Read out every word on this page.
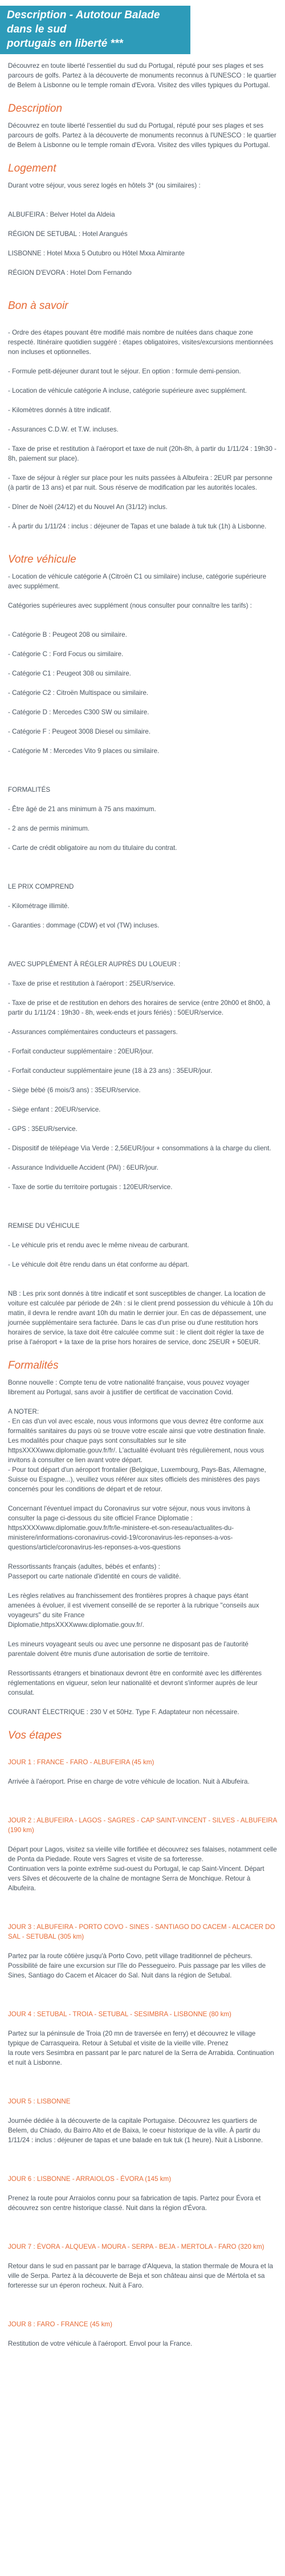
Description - Autotour Balade dans le sud
portugais en liberté ***
Découvrez en toute liberté l'essentiel du sud du Portugal, réputé pour ses plages et ses parcours de golfs. Partez à la découverte de monuments reconnus à l'UNESCO : le quartier de Belem à Lisbonne ou le temple romain d'Evora. Visitez des villes typiques du Portugal.
Description
Découvrez en toute liberté l'essentiel du sud du Portugal, réputé pour ses plages et ses parcours de golfs. Partez à la découverte de monuments reconnus à l'UNESCO : le quartier de Belem à Lisbonne ou le temple romain d'Evora. Visitez des villes typiques du Portugal.
Logement
Durant votre séjour, vous serez logés en hôtels 3* (ou similaires) :

ALBUFEIRA : Belver Hotel da Aldeia

RÉGION DE SETUBAL : Hotel Arangués

LISBONNE : Hotel Mxxa 5 Outubro ou Hôtel Mxxa Almirante

RÉGION D'EVORA : Hotel Dom Fernando

Bon à savoir

- Ordre des étapes pouvant être modifié mais nombre de nuitées dans chaque zone respecté. Itinéraire quotidien suggéré : étapes obligatoires, visites/excursions mentionnées non incluses et optionnelles.

- Formule petit-déjeuner durant tout le séjour. En option : formule demi-pension.

- Location de véhicule catégorie A incluse, catégorie supérieure avec supplément.

- Kilomètres donnés à titre indicatif.

- Assurances C.D.W. et T.W. incluses.

- Taxe de prise et restitution à l'aéroport et taxe de nuit (20h-8h, à partir du 1/11/24 : 19h30 - 8h, paiement sur place).

- Taxe de séjour à régler sur place pour les nuits passées à Albufeira : 2EUR par personne (à partir de 13 ans) et par nuit. Sous réserve de modification par les autorités locales.

- Dîner de Noël (24/12) et du Nouvel An (31/12) inclus.

- À partir du 1/11/24 : inclus : déjeuner de Tapas et une balade à tuk tuk (1h) à Lisbonne.

Votre véhicule
- Location de véhicule catégorie A (Citroën C1 ou similaire) incluse, catégorie supérieure avec supplément.
Catégories supérieures avec supplément (nous consulter pour connaître les tarifs) :

- Catégorie B : Peugeot 208 ou similaire.

- Catégorie C : Ford Focus ou similaire.

- Catégorie C1 : Peugeot 308 ou similaire.

- Catégorie C2 : Citroën Multispace ou similaire.

- Catégorie D : Mercedes C300 SW ou similaire.

- Catégorie F : Peugeot 3008 Diesel ou similaire.

- Catégorie M : Mercedes Vito 9 places ou similaire.

FORMALITÉS

- Être âgé de 21 ans minimum à 75 ans maximum.

- 2 ans de permis minimum.

- Carte de crédit obligatoire au nom du titulaire du contrat.

LE PRIX COMPREND

- Kilométrage illimité.

- Garanties : dommage (CDW) et vol (TW) incluses.

AVEC SUPPLÉMENT À RÉGLER AUPRÈS DU LOUEUR :

- Taxe de prise et restitution à l'aéroport : 25EUR/service.

- Taxe de prise et de restitution en dehors des horaires de service (entre 20h00 et 8h00, à partir du 1/11/24 : 19h30 - 8h, week-ends et jours fériés) : 50EUR/service.

- Assurances complémentaires conducteurs et passagers.

- Forfait conducteur supplémentaire : 20EUR/jour.

- Forfait conducteur supplémentaire jeune (18 à 23 ans) : 35EUR/jour.

- Siège bébé (6 mois/3 ans) : 35EUR/service.

- Siège enfant : 20EUR/service.

- GPS : 35EUR/service.

- Dispositif de télépéage Via Verde : 2,56EUR/jour + consommations à la charge du client.

- Assurance Individuelle Accident (PAI) : 6EUR/jour.

- Taxe de sortie du territoire portugais : 120EUR/service.

REMISE DU VÉHICULE

- Le véhicule pris et rendu avec le même niveau de carburant.

- Le véhicule doit être rendu dans un état conforme au départ.

NB : Les prix sont donnés à titre indicatif et sont susceptibles de changer. La location de voiture est calculée par période de 24h : si le client prend possession du véhicule à 10h du matin, il devra le rendre avant 10h du matin le dernier jour. En cas de dépassement, une journée supplémentaire sera facturée. Dans le cas d'un prise ou d'une restitution hors horaires de service, la taxe doit être calculée comme suit : le client doit régler la taxe de prise à l'aéroport + la taxe de la prise hors horaires de service, donc 25EUR + 50EUR.
Formalités
Bonne nouvelle : Compte tenu de votre nationalité française, vous pouvez voyager librement au Portugal, sans avoir à justifier de certificat de vaccination Covid.
A NOTER:
- En cas d'un vol avec escale, nous vous informons que vous devrez être conforme aux formalités sanitaires du pays où se trouve votre escale ainsi que votre destination finale.
Les modalités pour chaque pays sont consultables sur le site
httpsXXXXwww.diplomatie.gouv.fr/fr/. L'actualité évoluant très régulièrement, nous vous invitons à consulter ce lien avant votre départ.
- Pour tout départ d'un aéroport frontalier (Belgique, Luxembourg, Pays-Bas, Allemagne, Suisse ou Espagne...), veuillez vous référer aux sites officiels des ministères des pays concernés pour les conditions de départ et de retour.
Concernant l'éventuel impact du Coronavirus sur votre séjour, nous vous invitons à consulter la page ci-dessous du site officiel France Diplomatie : httpsXXXXwww.diplomatie.gouv.fr/fr/le-ministere-et-son-reseau/actualites-du-ministere/informations-coronavirus-covid-19/coronavirus-les-reponses-a-vos-questions/article/coronavirus-les-reponses-a-vos-questions
Ressortissants français (adultes, bébés et enfants) :
Passeport ou carte nationale d'identité en cours de validité.
Les règles relatives au franchissement des frontières propres à chaque pays étant amenées à évoluer, il est vivement conseillé de se reporter à la rubrique "conseils aux voyageurs" du site France
Diplomatie,httpsXXXXwww.diplomatie.gouv.fr/.
Les mineurs voyageant seuls ou avec une personne ne disposant pas de l'autorité parentale doivent être munis d'une autorisation de sortie de territoire.
Ressortissants étrangers et binationaux devront être en conformité avec les différentes réglementations en vigueur, selon leur nationalité et devront s'informer auprès de leur consulat.
COURANT ÉLECTRIQUE : 230 V et 50Hz. Type F. Adaptateur non nécessaire.
Vos étapes

JOUR 1 : FRANCE - FARO - ALBUFEIRA (45 km)

Arrivée à l'aéroport. Prise en charge de votre véhicule de location. Nuit à Albufeira.

JOUR 2 : ALBUFEIRA - LAGOS - SAGRES - CAP SAINT-VINCENT - SILVES - ALBUFEIRA (190 km)

Départ pour Lagos, visitez sa vieille ville fortifiée et découvrez ses falaises, notamment celle de Ponta da Piedade. Route vers Sagres et visite de sa forteresse.
Continuation vers la pointe extrême sud-ouest du Portugal, le cap Saint-Vincent. Départ vers Silves et découverte de la chaîne de montagne Serra de Monchique. Retour à Albufeira.

JOUR 3 : ALBUFEIRA - PORTO COVO - SINES - SANTIAGO DO CACEM - ALCACER DO SAL - SETUBAL (305 km)

Partez par la route côtière jusqu'à Porto Covo, petit village traditionnel de pêcheurs. Possibilité de faire une excursion sur l'île do Pessegueiro. Puis passage par les villes de Sines, Santiago do Cacem et Alcacer do Sal. Nuit dans la région de Setubal.

JOUR 4 : SETUBAL - TROIA - SETUBAL - SESIMBRA - LISBONNE (80 km)

Partez sur la péninsule de Troia (20 mn de traversée en ferry) et découvrez le village typique de Carrasqueira. Retour à Setubal et visite de la vieille ville. Prenez
la route vers Sesimbra en passant par le parc naturel de la Serra de Arrabida. Continuation et nuit à Lisbonne.

JOUR 5 : LISBONNE

Journée dédiée à la découverte de la capitale Portugaise. Découvrez les quartiers de Belem, du Chiado, du Bairro Alto et de Baixa, le coeur historique de la ville. À partir du 1/11/24 : inclus : déjeuner de tapas et une balade en tuk tuk (1 heure). Nuit à Lisbonne.

JOUR 6 : LISBONNE - ARRAIOLOS - ÉVORA (145 km)

Prenez la route pour Arraiolos connu pour sa fabrication de tapis. Partez pour Évora et découvrez son centre historique classé. Nuit dans la région d'Évora.

JOUR 7 : ÉVORA - ALQUEVA - MOURA - SERPA - BEJA - MERTOLA - FARO (320 km)

Retour dans le sud en passant par le barrage d'Alqueva, la station thermale de Moura et la ville de Serpa. Partez à la découverte de Beja et son château ainsi que de Mértola et sa forteresse sur un éperon rocheux. Nuit à Faro.

JOUR 8 : FARO - FRANCE (45 km)

Restitution de votre véhicule à l'aéroport. Envol pour la France.
